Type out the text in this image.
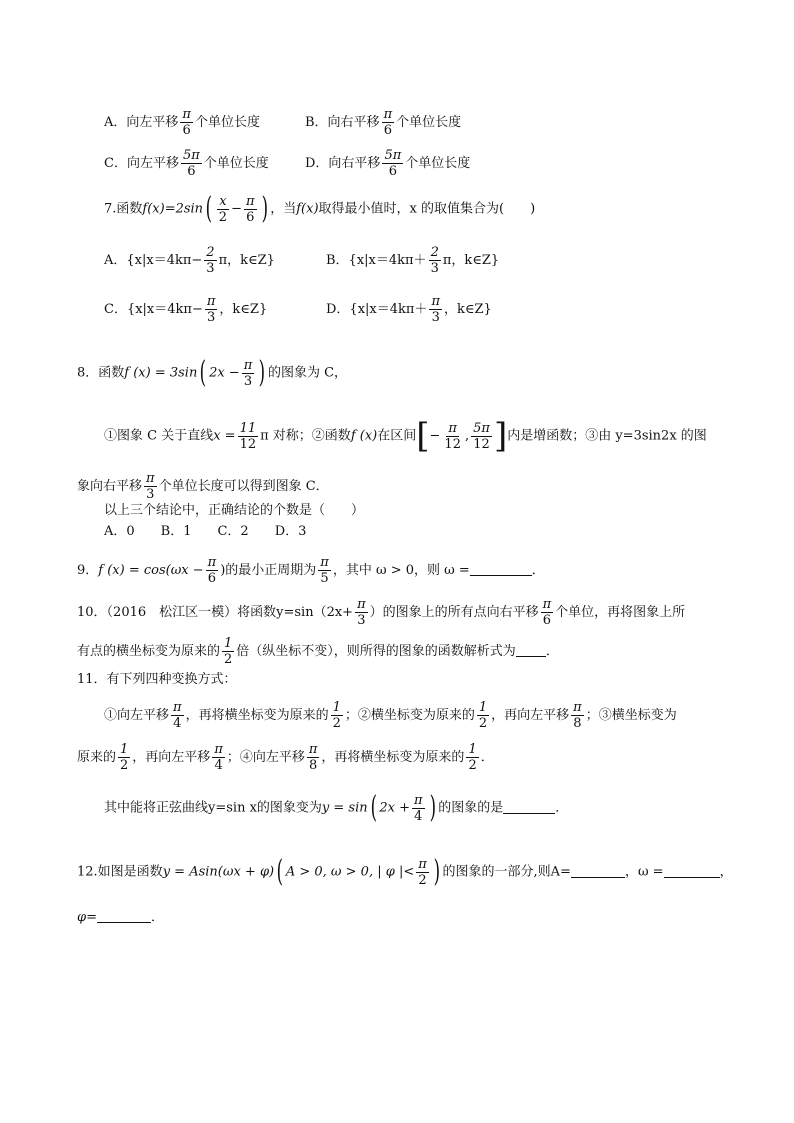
A．向左平移 $\frac{\pi}{6}$ 个单位长度	B．向右平移 $\frac{\pi}{6}$ 个单位长度
C．向左平移 $\frac{5\pi}{6}$ 个单位长度	D．向右平移 $\frac{5\pi}{6}$ 个单位长度
7.函数$f(x)=2\sin( \frac{x}{2} - \frac{\pi}{6}$ ) ，当f(x)取得最小值时，x 的取值集合为(　　)
A．{$x|x=4k\pi- \frac{2}{3}$ π，k∈Z}	B．{$x|x=4k\pi+ \frac{2}{3}$ π，k∈Z}
C．{$x|x=4k\pi- \frac{\pi}{3}$ ，k∈Z}	D．{$x|x=4k\pi+ \frac{\pi}{3}$ ，k∈Z}
8．函数f (x) = 3sin( $2x - \frac{\pi}{3}$ ) 的图象为 C，
①图象 C 关于直线$x = \frac{11}{12}$ π 对称；②函数f (x)在区间[− $\frac{\pi}{12}$ , $\frac{5\pi}{12}$ ]内是增函数；③由 y=3sin2x 的图
象向右平移 $\frac{\pi}{3}$ 个单位长度可以得到图象 C．
以上三个结论中，正确结论的个数是（　　）
A．0　　B．1　　C．2　　D．3
9．f $(x) = \cos(\omega x - \frac{\pi}{6}$ )的最小正周期为 $\frac{\pi}{5}$ ，其中 ω > 0，则 ω =	．
10．（2016　松江区一模）将函数$y=\sin(2x+ \frac{\pi}{3}$ ）的图象上的所有点向右平移 $\frac{\pi}{6}$ 个单位，再将图象上所
有点的横坐标变为原来的 $\frac{1}{2}$ 倍（纵坐标不变），则所得的图象的函数解析式为 ．
11．有下列四种变换方式：
①向左平移 $\frac{\pi}{4}$ ，再将横坐标变为原来的 $\frac{1}{2}$ ；②横坐标变为原来的 $\frac{1}{2}$ ，再向左平移 $\frac{\pi}{8}$ ；③横坐标变为
原来的 $\frac{1}{2}$ ，再向左平移 $\frac{\pi}{4}$ ；④向左平移 $\frac{\pi}{8}$ ，再将横坐标变为原来的 $\frac{1}{2}$ ．
其中能将正弦曲线y=sin x的图象变为y = sin( $2x + \frac{\pi}{4}$ ) 的图象的是	．
12.如图是函数y = Asin(ωx + φ)( A > 0, ω > 0, | φ |< $\frac{\pi}{2}$ ) 的图象的一部分,则A=	，ω =	，
φ=	．
